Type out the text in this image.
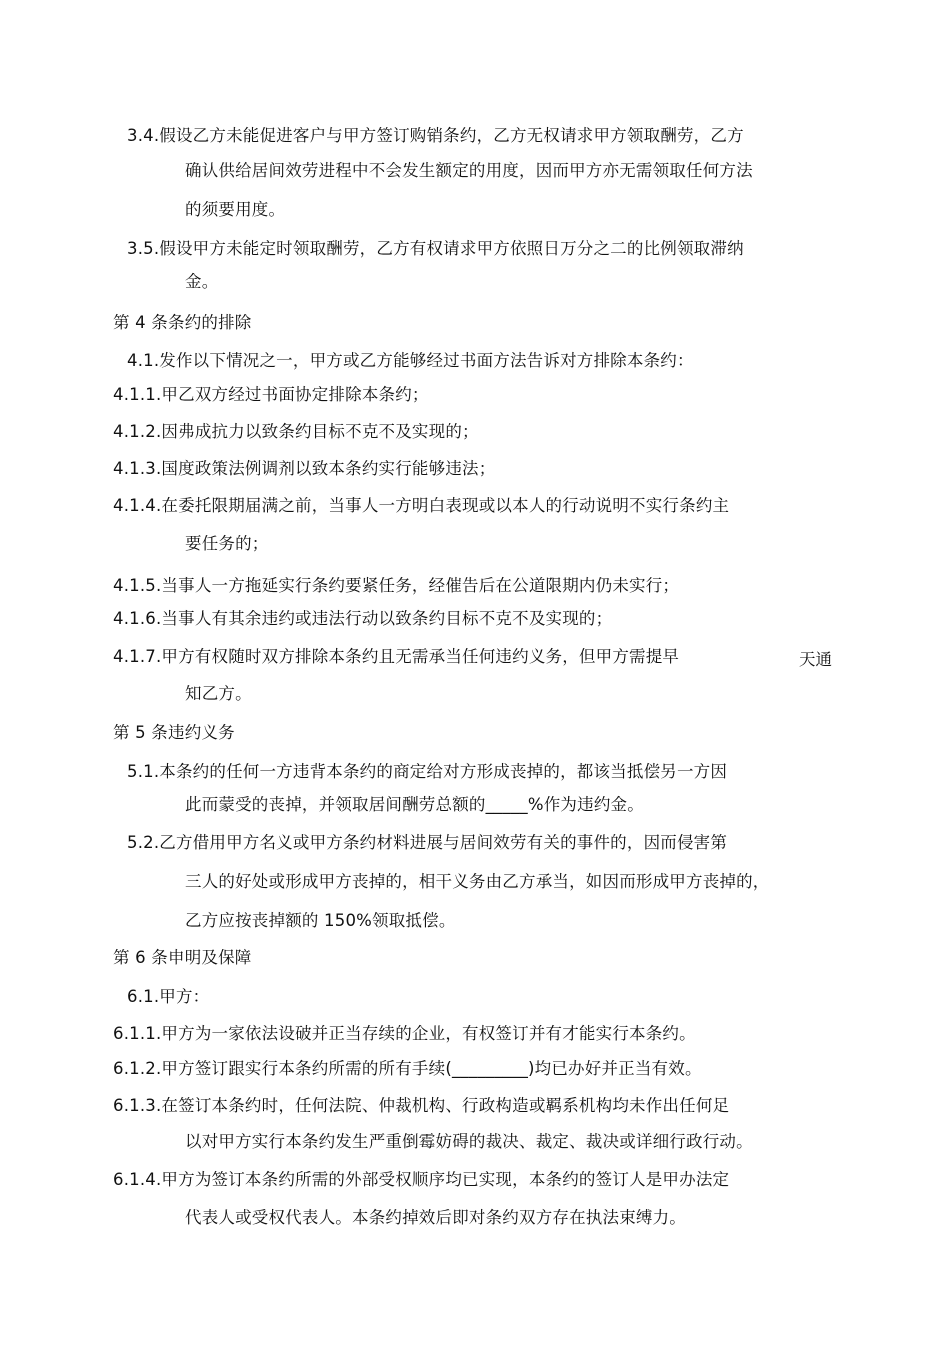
3.4.假设乙方未能促进客户与甲方签订购销条约，乙方无权请求甲方领取酬劳，乙方
确认供给居间效劳进程中不会发生额定的用度，因而甲方亦无需领取任何方法
的须要用度。
3.5.假设甲方未能定时领取酬劳，乙方有权请求甲方依照日万分之二的比例领取滞纳
金。
第 4 条条约的排除
4.1.发作以下情况之一，甲方或乙方能够经过书面方法告诉对方排除本条约：
4.1.1.甲乙双方经过书面协定排除本条约；
4.1.2.因弗成抗力以致条约目标不克不及实现的；
4.1.3.国度政策法例调剂以致本条约实行能够违法；
4.1.4.在委托限期届满之前，当事人一方明白表现或以本人的行动说明不实行条约主
要任务的；
4.1.5.当事人一方拖延实行条约要紧任务，经催告后在公道限期内仍未实行；
4.1.6.当事人有其余违约或违法行动以致条约目标不克不及实现的；
4.1.7.甲方有权随时双方排除本条约且无需承当任何违约义务，但甲方需提早	天通
知乙方。
第 5 条违约义务
5.1.本条约的任何一方违背本条约的商定给对方形成丧掉的，都该当抵偿另一方因
此而蒙受的丧掉，并领取居间酬劳总额的_____%作为违约金。
5.2.乙方借用甲方名义或甲方条约材料进展与居间效劳有关的事件的，因而侵害第
三人的好处或形成甲方丧掉的，相干义务由乙方承当，如因而形成甲方丧掉的，
乙方应按丧掉额的 150%领取抵偿。
第 6 条申明及保障
6.1.甲方：
6.1.1.甲方为一家依法设破并正当存续的企业，有权签订并有才能实行本条约。
6.1.2.甲方签订跟实行本条约所需的所有手续(_________)均已办好并正当有效。
6.1.3.在签订本条约时，任何法院、仲裁机构、行政构造或羁系机构均未作出任何足
以对甲方实行本条约发生严重倒霉妨碍的裁决、裁定、裁决或详细行政行动。
6.1.4.甲方为签订本条约所需的外部受权顺序均已实现，本条约的签订人是甲办法定
代表人或受权代表人。本条约掉效后即对条约双方存在执法束缚力。
